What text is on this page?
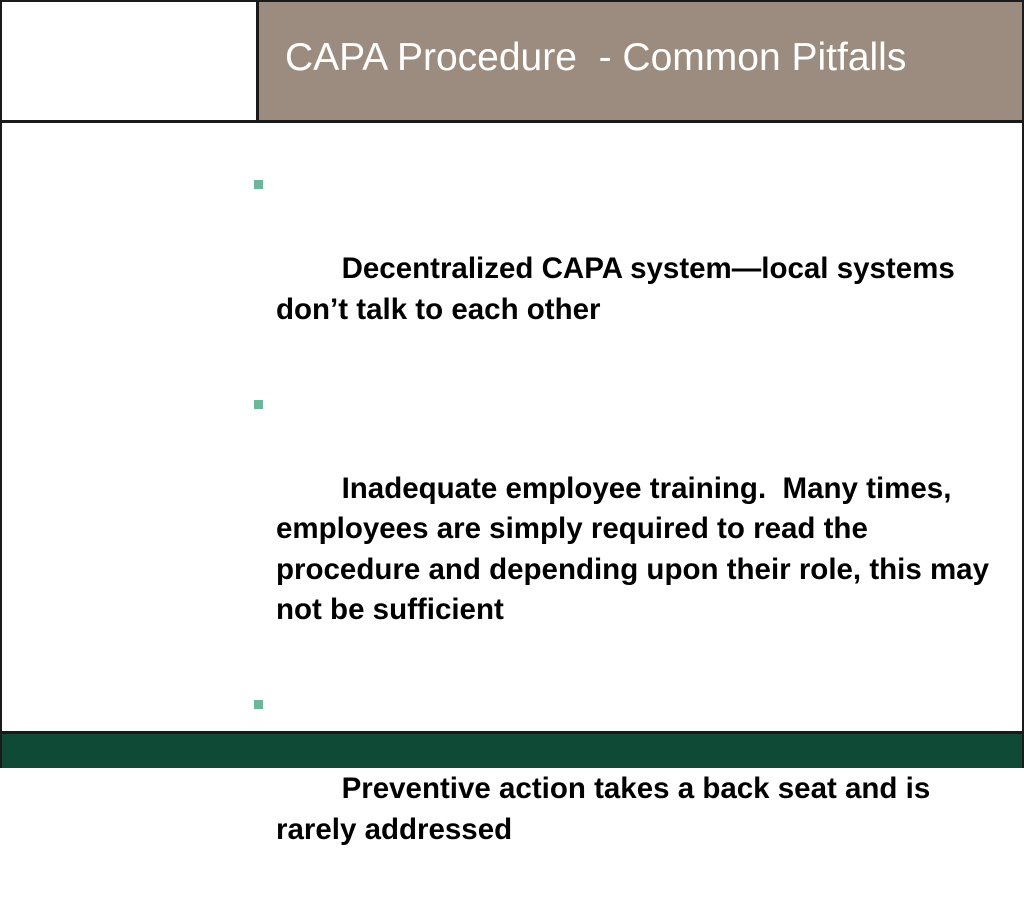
CAPA Procedure  - Common Pitfalls

Decentralized CAPA system—local systems don’t talk to each other

Inadequate employee training.  Many times, employees are simply required to read the procedure and depending upon their role, this may not be sufficient

Preventive action takes a back seat and is rarely addressed
